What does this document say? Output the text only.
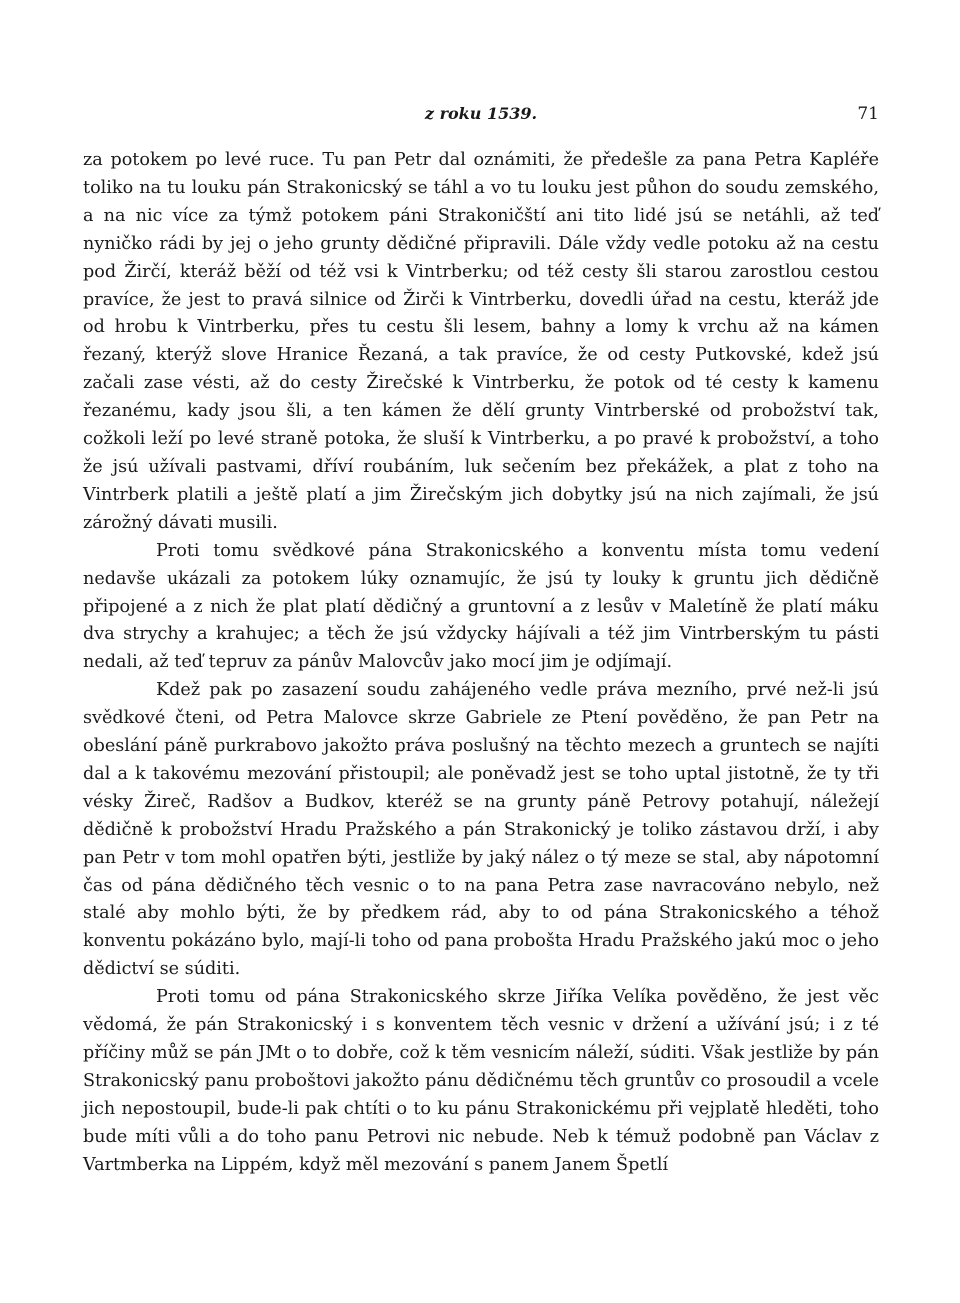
z roku 1539.	71

za potokem po levé ruce. Tu pan Petr dal oznámiti, že předešle za pana Petra Kapléře toliko na tu louku pán Strakonicský se táhl a vo tu louku jest půhon do soudu zemského, a na nic více za týmž potokem páni Strakoničští ani tito lidé jsú se netáhli, až teď nyničko rádi by jej o jeho grunty dědičné připravili. Dále vždy vedle potoku až na cestu pod Žirčí, kteráž běží od též vsi k Vintrberku; od též cesty šli starou zarostlou cestou pravíce, že jest to pravá silnice od Žirči k Vintrberku, dovedli úřad na cestu, kteráž jde od hrobu k Vintrberku, přes tu cestu šli lesem, bahny a lomy k vrchu až na kámen řezaný, kterýž slove Hranice Řezaná, a tak pravíce, že od cesty Putkovské, kdež jsú začali zase vésti, až do cesty Žirečské k Vintrberku, že potok od té cesty k kamenu řezanému, kady jsou šli, a ten kámen že dělí grunty Vintrberské od probožství tak, cožkoli leží po levé straně potoka, že sluší k Vintrberku, a po pravé k probožství, a toho že jsú užívali pastvami, dříví roubáním, luk sečením bez překážek, a plat z toho na Vintrberk platili a ještě platí a jim Žirečským jich dobytky jsú na nich zajímali, že jsú zárožný dávati musili.

Proti tomu svědkové pána Strakonicského a konventu místa tomu vedení nedavše ukázali za potokem lúky oznamujíc, že jsú ty louky k gruntu jich dědičně připojené a z nich že plat platí dědičný a gruntovní a z lesův v Maletíně že platí máku dva strychy a krahujec; a těch že jsú vždycky hájívali a též jim Vintrberským tu pásti nedali, až teď tepruv za pánův Malovcův jako mocí jim je odjímají.

Kdež pak po zasazení soudu zahájeného vedle práva mezního, prvé než-li jsú svědkové čteni, od Petra Malovce skrze Gabriele ze Ptení pověděno, že pan Petr na obeslání páně purkrabovo jakožto práva poslušný na těchto mezech a gruntech se najíti dal a k takovému mezování přistoupil; ale poněvadž jest se toho uptal jistotně, že ty tři vésky Žireč, Radšov a Budkov, kteréž se na grunty páně Petrovy potahují, náležejí dědičně k probožství Hradu Pražského a pán Strakonický je toliko zástavou drží, i aby pan Petr v tom mohl opatřen býti, jestliže by jaký nález o tý meze se stal, aby nápotomní čas od pána dědičného těch vesnic o to na pana Petra zase navracováno nebylo, než stalé aby mohlo býti, že by předkem rád, aby to od pána Strakonicského a téhož konventu pokázáno bylo, mají-li toho od pana probošta Hradu Pražského jakú moc o jeho dědictví se súditi.

Proti tomu od pána Strakonicského skrze Jiříka Velíka pověděno, že jest věc vědomá, že pán Strakonicský i s konventem těch vesnic v držení a užívání jsú; i z té příčiny můž se pán JMt o to dobře, což k těm vesnicím náleží, súditi. Však jestliže by pán Strakonicský panu proboštovi jakožto pánu dědičnému těch gruntův co prosoudil a vcele jich nepostoupil, bude-li pak chtíti o to ku pánu Strakonickému při vejplatě hleděti, toho bude míti vůli a do toho panu Petrovi nic nebude. Neb k témuž podobně pan Václav z Vartmberka na Lippém, když měl mezování s panem Janem Špetlí
